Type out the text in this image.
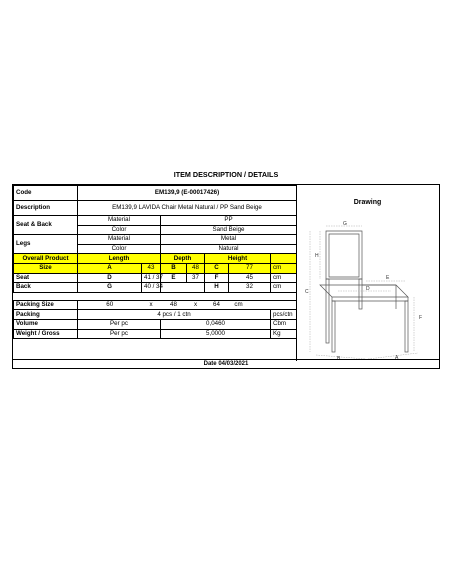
ITEM DESCRIPTION / DETAILS
Code	EM139,9 (E-00017426)							
Description	EM139,9 LAVIDA Chair Metal Natural / PP Sand Beige							
Seat & Back	Material		PP					
	Color		Sand Beige					
Legs	Material		Metal					
	Color		Natural					
Overall Product	Length		Depth		Height			
Size	A	43	B	48	C	77		cm
Seat	D	41 / 37	E	37	F	45		cm
Back	G	40 / 34			H	32		cm

Packing Size	60	x	48	x	64	cm		
Packing	4 pcs / 1 ctn							pcs/ctn
Volume	Per pc		0,0460					Cbm
Weight / Gross	Per pc		5,0000					Kg
Drawing
G
H
C
E
D
F
B	A
Date 04/03/2021
